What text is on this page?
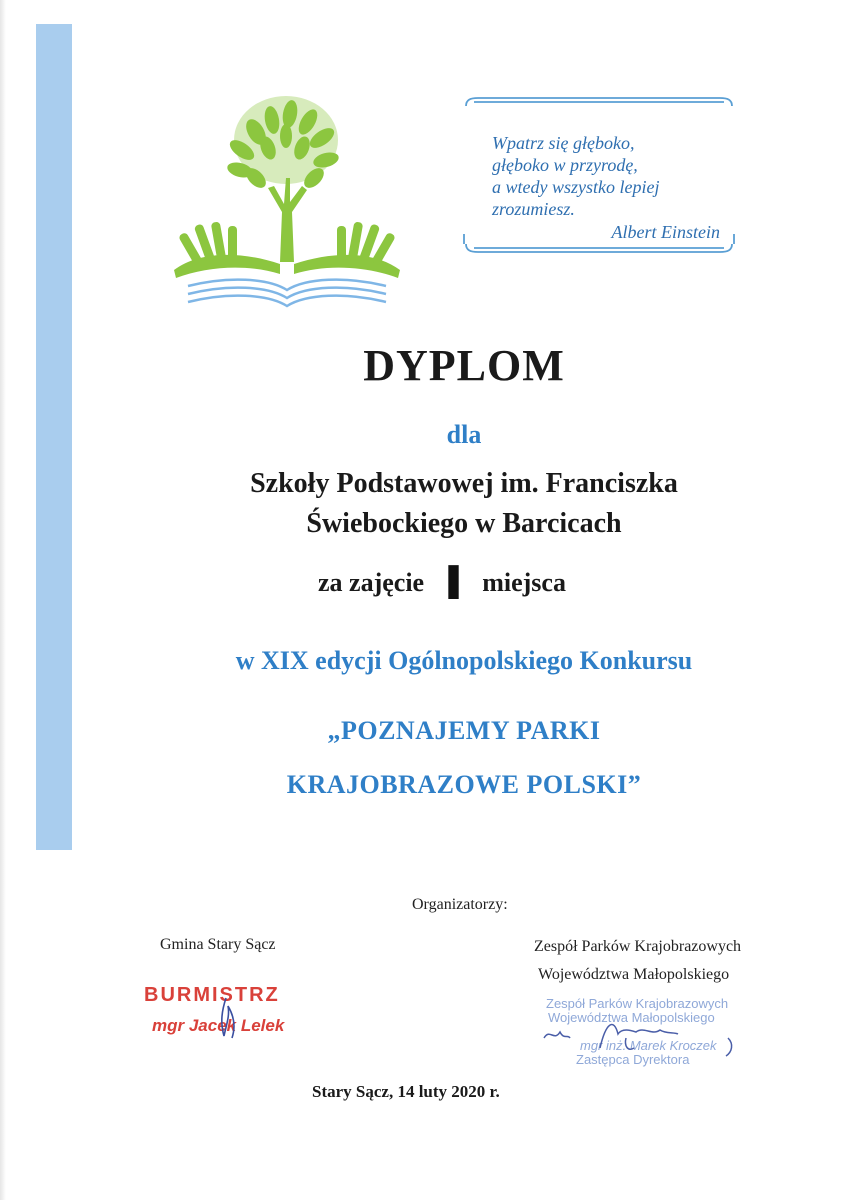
Wpatrz się głęboko,
głęboko w przyrodę,
a wtedy wszystko lepiej
zrozumiesz.
Albert Einstein
DYPLOM
dla
Szkoły Podstawowej im. Franciszka
Świebockiego w Barcicach
za zajęcie I miejsca
w XIX edycji Ogólnopolskiego Konkursu
„POZNAJEMY PARKI
KRAJOBRAZOWE POLSKI”
Organizatorzy:
Gmina Stary Sącz	Zespół Parków Krajobrazowych
Województwa Małopolskiego
BURMISTRZ
mgr Jacek Lelek
Zespół Parków Krajobrazowych
Województwa Małopolskiego
mgr inż. Marek Kroczek
Zastępca Dyrektora
Stary Sącz, 14 luty 2020 r.
